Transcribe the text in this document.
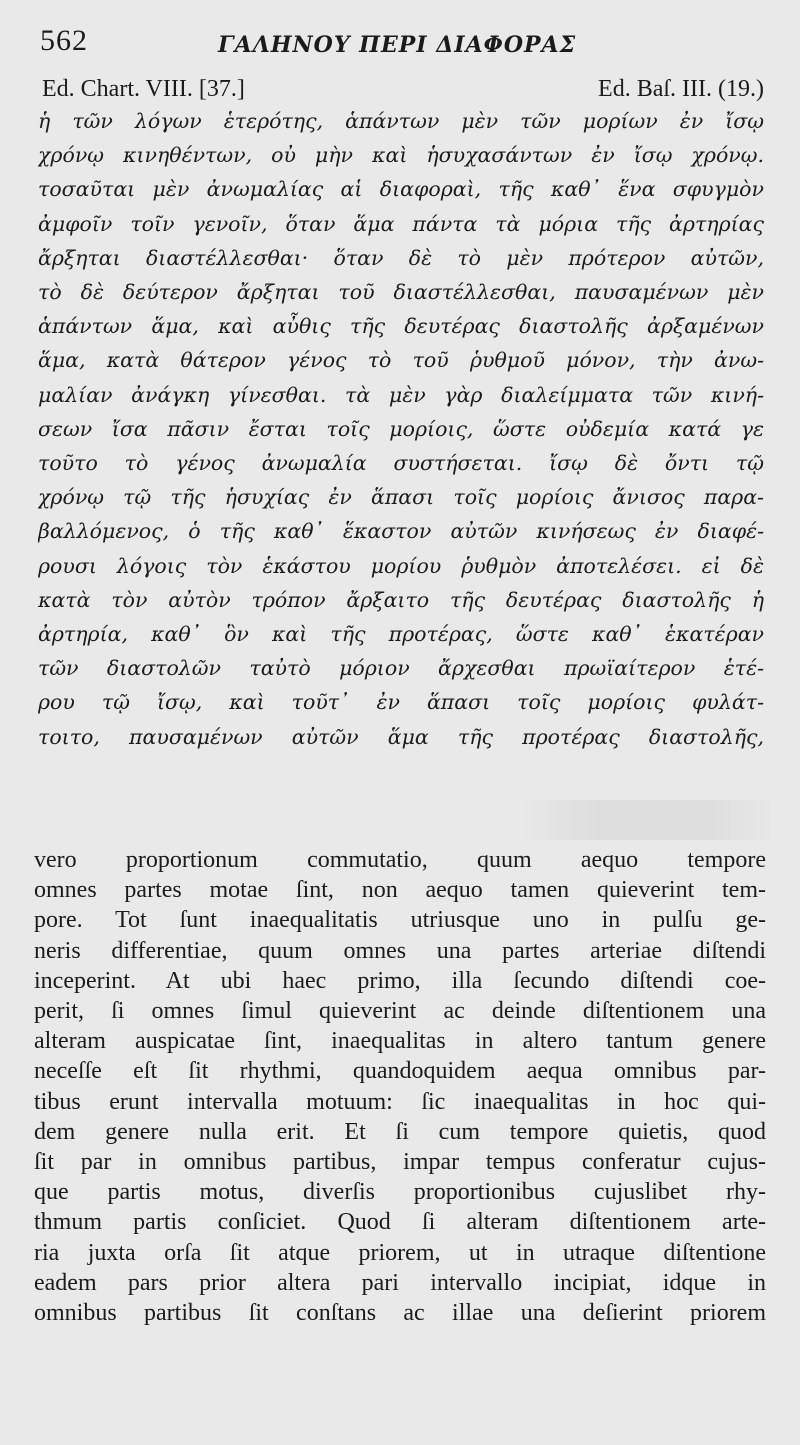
562	ΓΑΛΗΝΟΥ ΠΕΡΙ ΔΙΑΦΟΡΑΣ
Ed. Chart. VIII. [37.]	Ed. Baſ. III. (19.)
ἡ τῶν λόγων ἑτερότης, ἁπάντων μὲν τῶν μορίων ἐν ἴσῳ
χρόνῳ κινηθέντων, οὐ μὴν καὶ ἡσυχασάντων ἐν ἴσῳ χρόνῳ.
τοσαῦται μὲν ἀνωμαλίας αἱ διαφοραὶ, τῆς καθ᾽ ἕνα σφυγμὸν
ἀμφοῖν τοῖν γενοῖν, ὅταν ἅμα πάντα τὰ μόρια τῆς ἀρτηρίας
ἄρξηται διαστέλλεσθαι· ὅταν δὲ τὸ μὲν πρότερον αὐτῶν,
τὸ δὲ δεύτερον ἄρξηται τοῦ διαστέλλεσθαι, παυσαμένων μὲν
ἁπάντων ἅμα, καὶ αὖθις τῆς δευτέρας διαστολῆς ἀρξαμένων
ἅμα, κατὰ θάτερον γένος τὸ τοῦ ῥυθμοῦ μόνον, τὴν ἀνω-
μαλίαν ἀνάγκη γίνεσθαι. τὰ μὲν γὰρ διαλείμματα τῶν κινή-
σεων ἴσα πᾶσιν ἔσται τοῖς μορίοις, ὥστε οὐδεμία κατά γε
τοῦτο τὸ γένος ἀνωμαλία συστήσεται. ἴσῳ δὲ ὄντι τῷ
χρόνῳ τῷ τῆς ἡσυχίας ἐν ἅπασι τοῖς μορίοις ἄνισος παρα-
βαλλόμενος, ὁ τῆς καθ᾽ ἕκαστον αὐτῶν κινήσεως ἐν διαφέ-
ρουσι λόγοις τὸν ἑκάστου μορίου ῥυθμὸν ἀποτελέσει. εἰ δὲ
κατὰ τὸν αὐτὸν τρόπον ἄρξαιτο τῆς δευτέρας διαστολῆς ἡ
ἀρτηρία, καθ᾽ ὃν καὶ τῆς προτέρας, ὥστε καθ᾽ ἑκατέραν
τῶν διαστολῶν ταὐτὸ μόριον ἄρχεσθαι πρωϊαίτερον ἑτέ-
ρου τῷ ἴσῳ, καὶ τοῦτ᾽ ἐν ἅπασι τοῖς μορίοις φυλάτ-
τοιτο, παυσαμένων αὐτῶν ἅμα τῆς προτέρας διαστολῆς,
vero proportionum commutatio, quum aequo tempore
omnes partes motae ſint, non aequo tamen quieverint tem-
pore. Tot ſunt inaequalitatis utriusque uno in pulſu ge-
neris differentiae, quum omnes una partes arteriae diſtendi
inceperint. At ubi haec primo, illa ſecundo diſtendi coe-
perit, ſi omnes ſimul quieverint ac deinde diſtentionem una
alteram auspicatae ſint, inaequalitas in altero tantum genere
neceſſe eſt ſit rhythmi, quandoquidem aequa omnibus par-
tibus erunt intervalla motuum: ſic inaequalitas in hoc qui-
dem genere nulla erit. Et ſi cum tempore quietis, quod
ſit par in omnibus partibus, impar tempus conferatur cujus-
que partis motus, diverſis proportionibus cujuslibet rhy-
thmum partis conſiciet. Quod ſi alteram diſtentionem arte-
ria juxta orſa ſit atque priorem, ut in utraque diſtentione
eadem pars prior altera pari intervallo incipiat, idque in
omnibus partibus ſit conſtans ac illae una deſierint priorem
